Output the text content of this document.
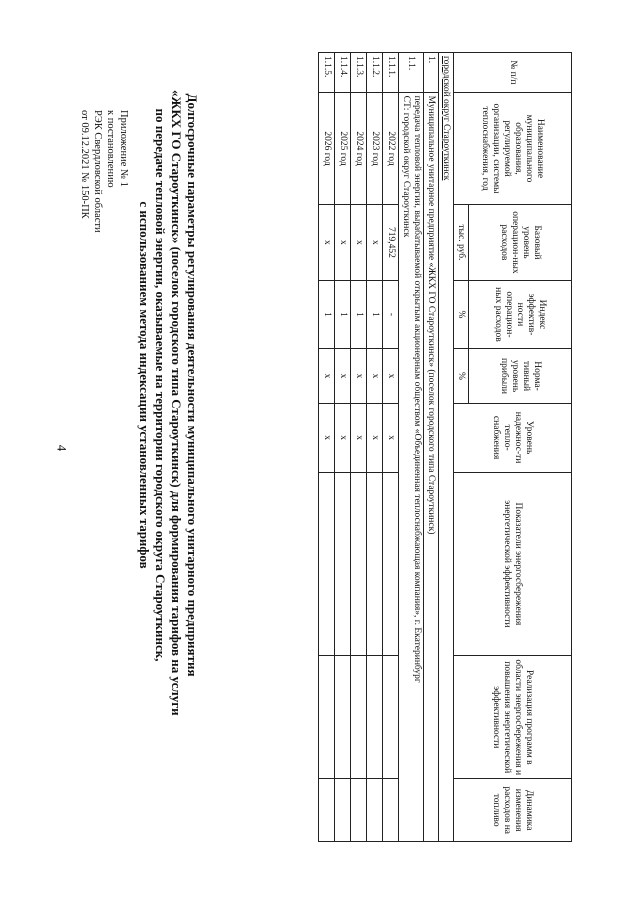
Приложение № 1
к постановлению
РЭК Свердловской области
от 09.12.2021 № 150-ПК	Долгосрочные параметры регулирования деятельности муниципального унитарного предприятия
«ЖКХ ГО Староуткинск» (поселок городского типа Староуткинск) для формирования тарифов на услуги
по передаче тепловой энергии, оказываемые на территории городского округа Староуткинск,
с использованием метода индексации установленных тарифов
№ п/п	Наименование муниципального образования, регулируемой организации, системы теплоснабжения, год	Базовый уровень операцион-ных расходов	Индекс эффектив-ности операцион-ных расходов	Норма-тивный уровень прибыли	Уровень надежнос-ти тепло-снабжения	Показатели энергосбережения энергетической эффективности	Реализация программ в области энергосбережения и повышения энергетической эффективности	Динамика изменения расходов на топливо
		тыс. руб.	%	%				
городской округ Староуткинск								
1.	Муниципальное унитарное предприятие «ЖКХ ГО Староуткинск» (поселок городского типа Староуткинск)							
1.1.	передача тепловой энергии, вырабатываемой открытым акционерным обществом «Объединенная теплоснабжающая компания», г. Екатеринбург
СТ: городской округ Староуткинск							

1.1.1.	2022 год	719,452	-	х	х			
1.1.2.	2023 год	х	1	х	х			
1.1.3.	2024 год	х	1	х	х			
1.1.4.	2025 год	х	1	х	х			
1.1.5.	2026 год	х	1	х	х			
4
